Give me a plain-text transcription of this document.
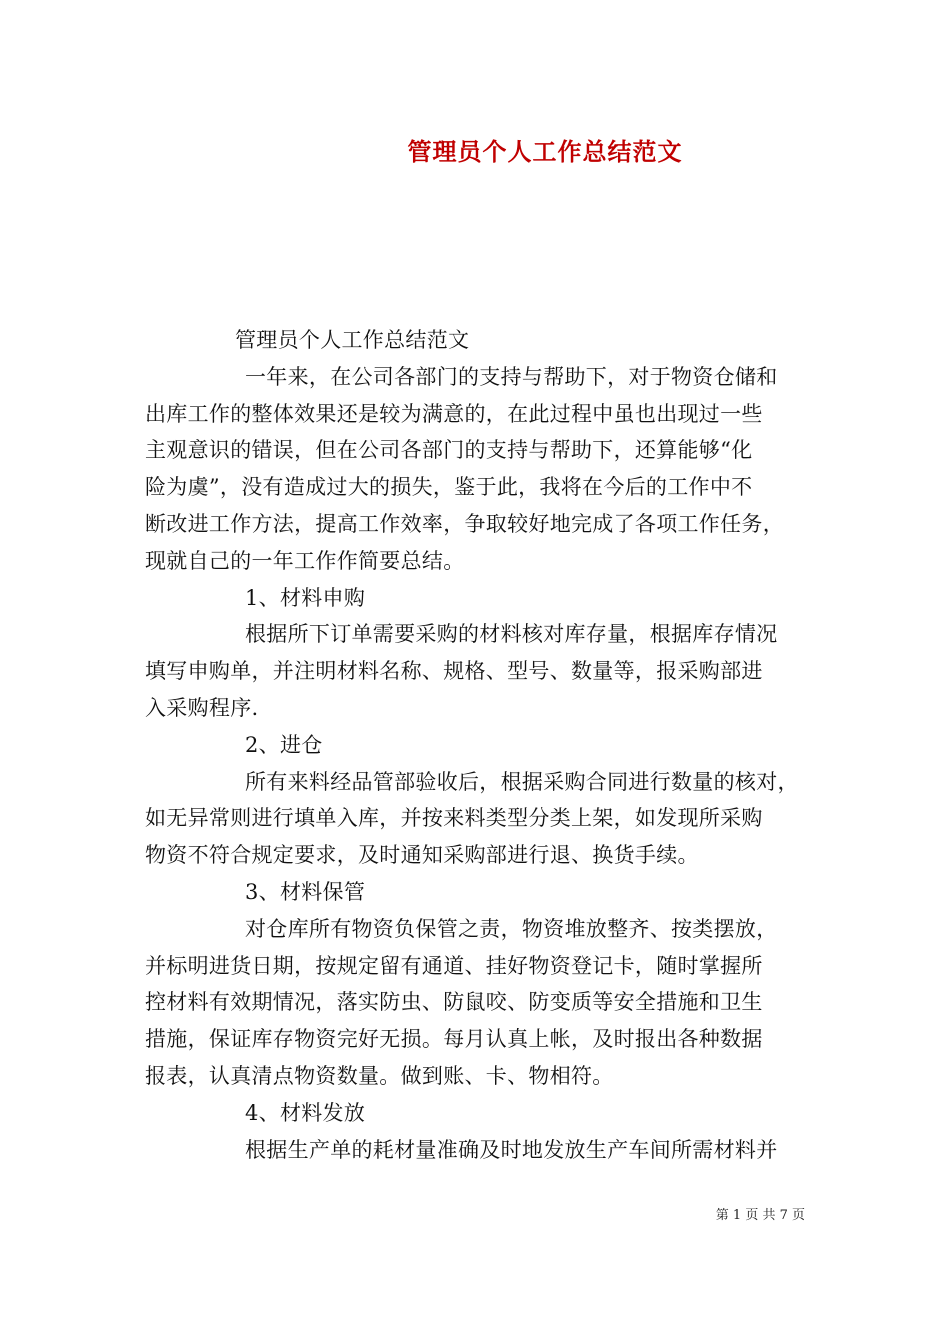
管理员个人工作总结范文
管理员个人工作总结范文
一年来，在公司各部门的支持与帮助下，对于物资仓储和
出库工作的整体效果还是较为满意的，在此过程中虽也出现过一些
主观意识的错误，但在公司各部门的支持与帮助下，还算能够“化
险为虞”，没有造成过大的损失，鉴于此，我将在今后的工作中不
断改进工作方法，提高工作效率，争取较好地完成了各项工作任务，
现就自己的一年工作作简要总结。
1、材料申购
根据所下订单需要采购的材料核对库存量，根据库存情况
填写申购单，并注明材料名称、规格、型号、数量等，报采购部进
入采购程序.
2、进仓
所有来料经品管部验收后，根据采购合同进行数量的核对，
如无异常则进行填单入库，并按来料类型分类上架，如发现所采购
物资不符合规定要求，及时通知采购部进行退、换货手续。
3、材料保管
对仓库所有物资负保管之责，物资堆放整齐、按类摆放，
并标明进货日期，按规定留有通道、挂好物资登记卡，随时掌握所
控材料有效期情况，落实防虫、防鼠咬、防变质等安全措施和卫生
措施，保证库存物资完好无损。每月认真上帐，及时报出各种数据
报表，认真清点物资数量。做到账、卡、物相符。
4、材料发放
根据生产单的耗材量准确及时地发放生产车间所需材料并
第 1 页 共 7 页
